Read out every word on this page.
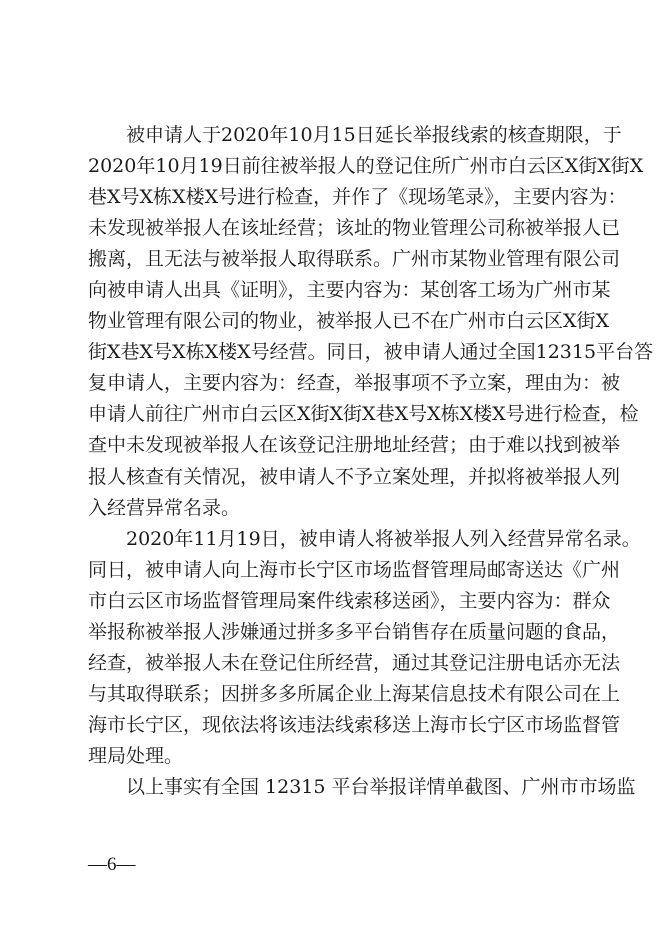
被申请人于2020年10月15日延长举报线索的核查期限，于
2020年10月19日前往被举报人的登记住所广州市白云区X街X街X
巷X号X栋X楼X号进行检查，并作了《现场笔录》，主要内容为：
未发现被举报人在该址经营；该址的物业管理公司称被举报人已
搬离，且无法与被举报人取得联系。广州市某物业管理有限公司
向被申请人出具《证明》，主要内容为：某创客工场为广州市某
物业管理有限公司的物业，被举报人已不在广州市白云区X街X
街X巷X号X栋X楼X号经营。同日，被申请人通过全国12315平台答
复申请人，主要内容为：经查，举报事项不予立案，理由为：被
申请人前往广州市白云区X街X街X巷X号X栋X楼X号进行检查，检
查中未发现被举报人在该登记注册地址经营；由于难以找到被举
报人核查有关情况，被申请人不予立案处理，并拟将被举报人列
入经营异常名录。
2020年11月19日，被申请人将被举报人列入经营异常名录。
同日，被申请人向上海市长宁区市场监督管理局邮寄送达《广州
市白云区市场监督管理局案件线索移送函》，主要内容为：群众
举报称被举报人涉嫌通过拼多多平台销售存在质量问题的食品，
经查，被举报人未在登记住所经营，通过其登记注册电话亦无法
与其取得联系；因拼多多所属企业上海某信息技术有限公司在上
海市长宁区，现依法将该违法线索移送上海市长宁区市场监督管
理局处理。
以上事实有全国 12315 平台举报详情单截图、广州市市场监
—6—
